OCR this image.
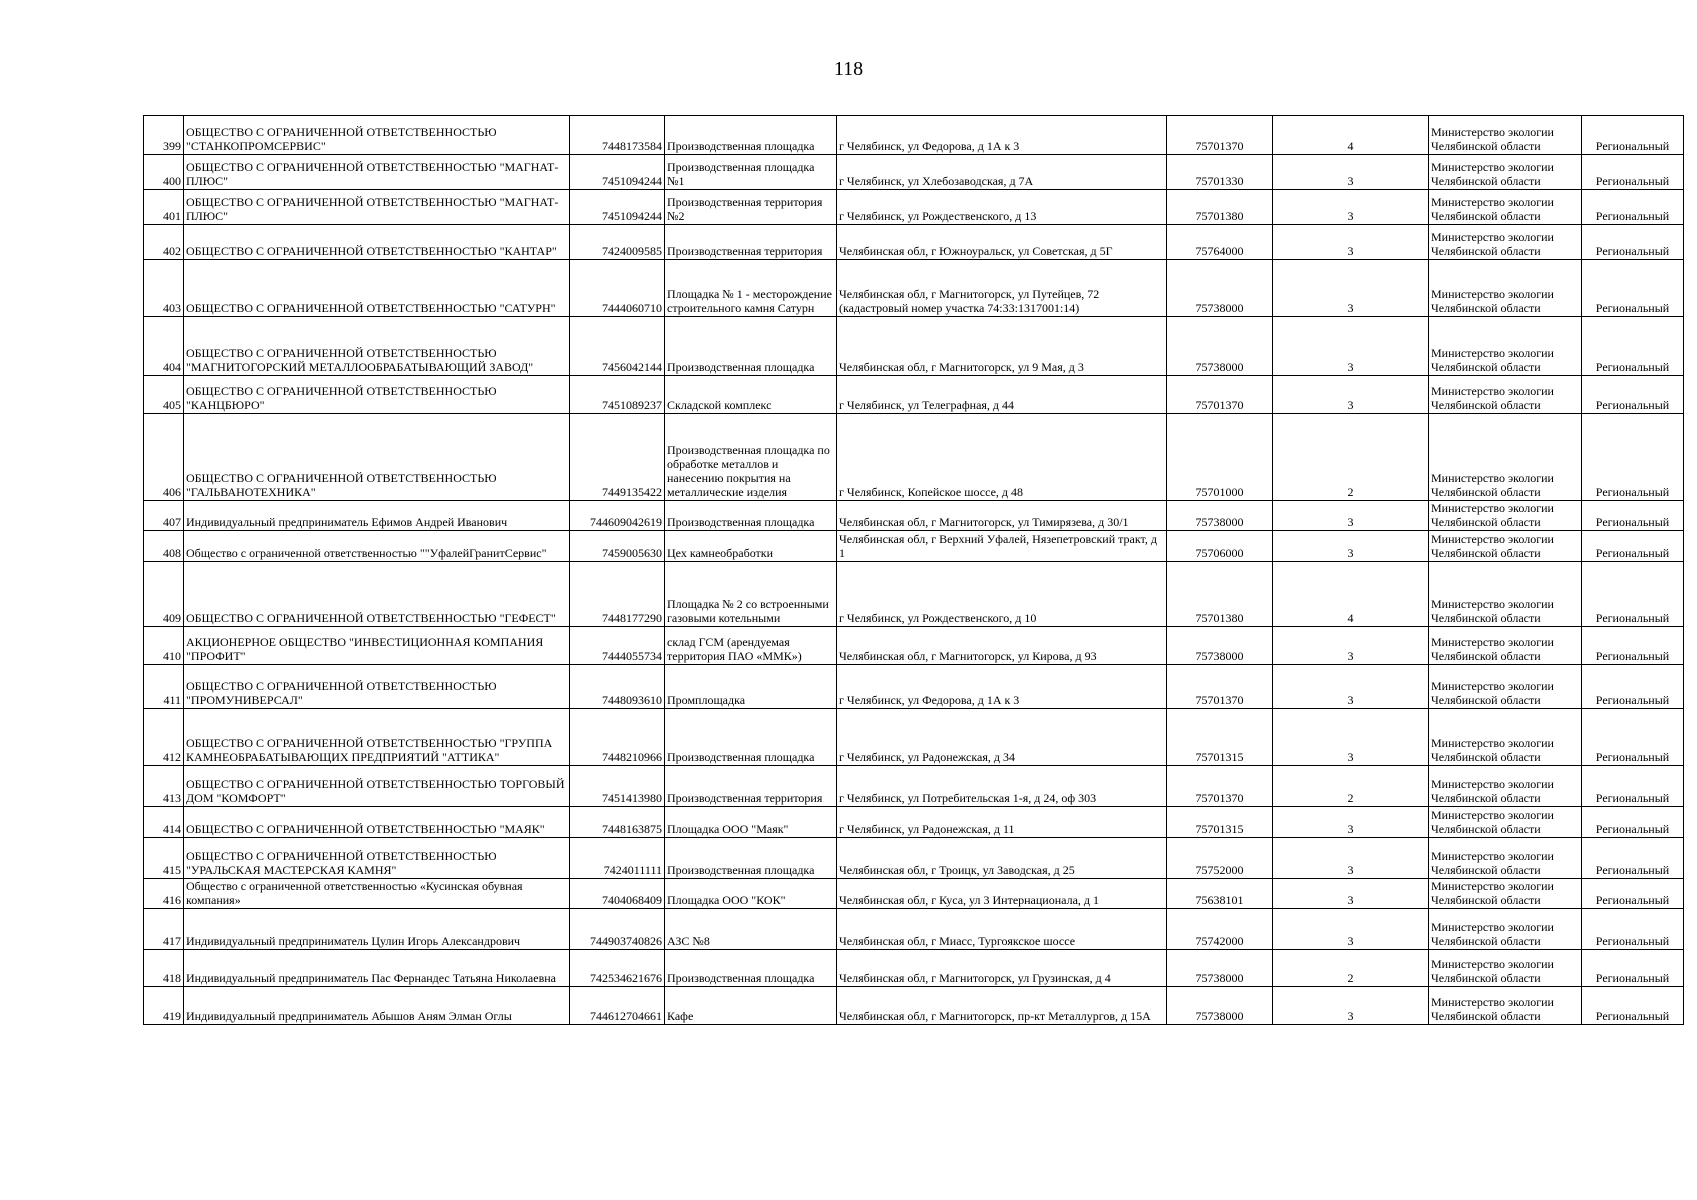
118
399	ОБЩЕСТВО С ОГРАНИЧЕННОЙ ОТВЕТСТВЕННОСТЬЮ "СТАНКОПРОМСЕРВИС"	7448173584	Производственная площадка	г Челябинск, ул Федорова, д 1А к 3	75701370	4	Министерство экологии Челябинской области	Региональный
400	ОБЩЕСТВО С ОГРАНИЧЕННОЙ ОТВЕТСТВЕННОСТЬЮ "МАГНАТ-ПЛЮС"	7451094244	Производственная площадка №1	г Челябинск, ул Хлебозаводская, д 7А	75701330	3	Министерство экологии Челябинской области	Региональный
401	ОБЩЕСТВО С ОГРАНИЧЕННОЙ ОТВЕТСТВЕННОСТЬЮ "МАГНАТ-ПЛЮС"	7451094244	Производственная территория №2	г Челябинск, ул Рождественского, д 13	75701380	3	Министерство экологии Челябинской области	Региональный
402	ОБЩЕСТВО С ОГРАНИЧЕННОЙ ОТВЕТСТВЕННОСТЬЮ "КАНТАР"	7424009585	Производственная территория	Челябинская обл, г Южноуральск, ул Советская, д 5Г	75764000	3	Министерство экологии Челябинской области	Региональный
403	ОБЩЕСТВО С ОГРАНИЧЕННОЙ ОТВЕТСТВЕННОСТЬЮ "САТУРН"	7444060710	Площадка № 1 - месторождение строительного камня Сатурн	Челябинская обл, г Магнитогорск, ул Путейцев, 72 (кадастровый номер участка 74:33:1317001:14)	75738000	3	Министерство экологии Челябинской области	Региональный
404	ОБЩЕСТВО С ОГРАНИЧЕННОЙ ОТВЕТСТВЕННОСТЬЮ "МАГНИТОГОРСКИЙ МЕТАЛЛООБРАБАТЫВАЮЩИЙ ЗАВОД"	7456042144	Производственная площадка	Челябинская обл, г Магнитогорск, ул 9 Мая, д 3	75738000	3	Министерство экологии Челябинской области	Региональный
405	ОБЩЕСТВО С ОГРАНИЧЕННОЙ ОТВЕТСТВЕННОСТЬЮ "КАНЦБЮРО"	7451089237	Складской комплекс	г Челябинск, ул Телеграфная, д 44	75701370	3	Министерство экологии Челябинской области	Региональный
406	ОБЩЕСТВО С ОГРАНИЧЕННОЙ ОТВЕТСТВЕННОСТЬЮ "ГАЛЬВАНОТЕХНИКА"	7449135422	Производственная площадка по обработке металлов и нанесению покрытия на металлические изделия	г Челябинск, Копейское шоссе, д 48	75701000	2	Министерство экологии Челябинской области	Региональный
407	Индивидуальный предприниматель Ефимов Андрей Иванович	744609042619	Производственная площадка	Челябинская обл, г Магнитогорск, ул Тимирязева, д 30/1	75738000	3	Министерство экологии Челябинской области	Региональный
408	Общество с ограниченной ответственностью ""УфалейГранитСервис"	7459005630	Цех камнеобработки	Челябинская обл, г Верхний Уфалей, Нязепетровский тракт, д 1	75706000	3	Министерство экологии Челябинской области	Региональный
409	ОБЩЕСТВО С ОГРАНИЧЕННОЙ ОТВЕТСТВЕННОСТЬЮ "ГЕФЕСТ"	7448177290	Площадка № 2 со встроенными газовыми котельными	г Челябинск, ул Рождественского, д 10	75701380	4	Министерство экологии Челябинской области	Региональный
410	АКЦИОНЕРНОЕ ОБЩЕСТВО "ИНВЕСТИЦИОННАЯ КОМПАНИЯ "ПРОФИТ"	7444055734	склад ГСМ (арендуемая территория ПАО «ММК»)	Челябинская обл, г Магнитогорск, ул Кирова, д 93	75738000	3	Министерство экологии Челябинской области	Региональный
411	ОБЩЕСТВО С ОГРАНИЧЕННОЙ ОТВЕТСТВЕННОСТЬЮ "ПРОМУНИВЕРСАЛ"	7448093610	Промплощадка	г Челябинск, ул Федорова, д 1А к 3	75701370	3	Министерство экологии Челябинской области	Региональный
412	ОБЩЕСТВО С ОГРАНИЧЕННОЙ ОТВЕТСТВЕННОСТЬЮ "ГРУППА КАМНЕОБРАБАТЫВАЮЩИХ ПРЕДПРИЯТИЙ "АТТИКА"	7448210966	Производственная площадка	г Челябинск, ул Радонежская, д 34	75701315	3	Министерство экологии Челябинской области	Региональный
413	ОБЩЕСТВО С ОГРАНИЧЕННОЙ ОТВЕТСТВЕННОСТЬЮ ТОРГОВЫЙ ДОМ "КОМФОРТ"	7451413980	Производственная территория	г Челябинск, ул Потребительская 1-я, д 24, оф 303	75701370	2	Министерство экологии Челябинской области	Региональный
414	ОБЩЕСТВО С ОГРАНИЧЕННОЙ ОТВЕТСТВЕННОСТЬЮ "МАЯК"	7448163875	Площадка ООО "Маяк"	г Челябинск, ул Радонежская, д 11	75701315	3	Министерство экологии Челябинской области	Региональный
415	ОБЩЕСТВО С ОГРАНИЧЕННОЙ ОТВЕТСТВЕННОСТЬЮ "УРАЛЬСКАЯ МАСТЕРСКАЯ КАМНЯ"	7424011111	Производственная площадка	Челябинская обл, г Троицк, ул Заводская, д 25	75752000	3	Министерство экологии Челябинской области	Региональный
416	Общество с ограниченной ответственностью «Кусинская обувная компания»	7404068409	Площадка ООО "КОК"	Челябинская обл, г Куса, ул 3 Интернационала, д 1	75638101	3	Министерство экологии Челябинской области	Региональный
417	Индивидуальный предприниматель Цулин Игорь Александрович	744903740826	АЗС №8	Челябинская обл, г Миасс, Тургоякское шоссе	75742000	3	Министерство экологии Челябинской области	Региональный
418	Индивидуальный предприниматель Пас Фернандес Татьяна Николаевна	742534621676	Производственная площадка	Челябинская обл, г Магнитогорск, ул Грузинская, д 4	75738000	2	Министерство экологии Челябинской области	Региональный
419	Индивидуальный предприниматель Абышов Аням Элман Оглы	744612704661	Кафе	Челябинская обл, г Магнитогорск, пр-кт Металлургов, д 15А	75738000	3	Министерство экологии Челябинской области	Региональный
